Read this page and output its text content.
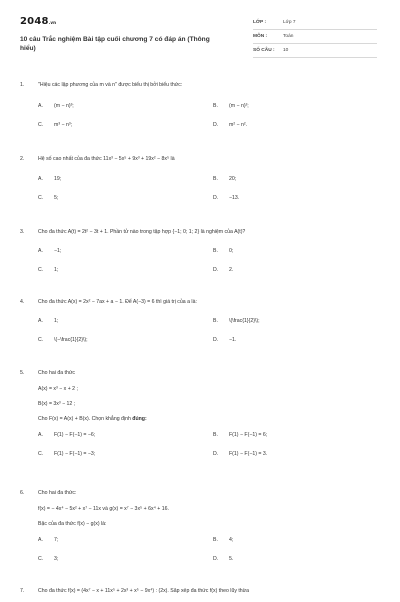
2048.vn
10 câu Trắc nghiệm Bài tập cuối chương 7 có đáp án (Thông hiểu)
LỚP :	Lớp 7
MÔN :	Toán
SỐ CÂU :	10
1.	"Hiệu các lập phương của m và n" được biểu thị bởi biểu thức:
A.	(m − n)³;	B.	(m − n)²;
C.	m³ − n³;	D.	m² − n².
2.	Hệ số cao nhất của đa thức 11x³ − 5x⁵ + 9x³ + 19x² − 8x⁵ là
A.	19;	B.	20;
C.	5;	D.	−13.
3.	Cho đa thức A(t) = 2t² − 3t + 1. Phần tử nào trong tập hợp {−1; 0; 1; 2} là nghiệm của A(t)?
A.	−1;	B.	0;
C.	1;	D.	2.
4.	Cho đa thức A(x) = 2x² − 7ax + a − 1. Để A(−3) = 6 thì giá trị của a là:
A.	1;	B.	\(\frac{1}{2}\);
C.	\(−\frac{1}{2}\);	D.	−1.
5.	Cho hai đa thức
A(x) = x³ − x + 2 ;
B(x) = 3x³ − 12 ;
Cho F(x) = A(x) + B(x). Chọn khẳng định đúng:
A.	F(1) − F(−1) = −6;	B.	F(1) − F(−1) = 6;
C.	F(1) − F(−1) = −3;	D.	F(1) − F(−1) = 3.
6.	Cho hai đa thức:
f(x) = − 4x⁴ − 5x² + x⁷ − 11x và g(x) = x⁷ − 3x⁵ + 6x⁴ + 16.
Bậc của đa thức f(x) − g(x) là:
A.	7;	B.	4;
C.	3;	D.	5.
7.	Cho đa thức f(x) = (4x⁷ − x + 11x⁵ + 2x³ + x⁵ − 9x⁴) : (2x). Sắp xếp đa thức f(x) theo lũy thừa
